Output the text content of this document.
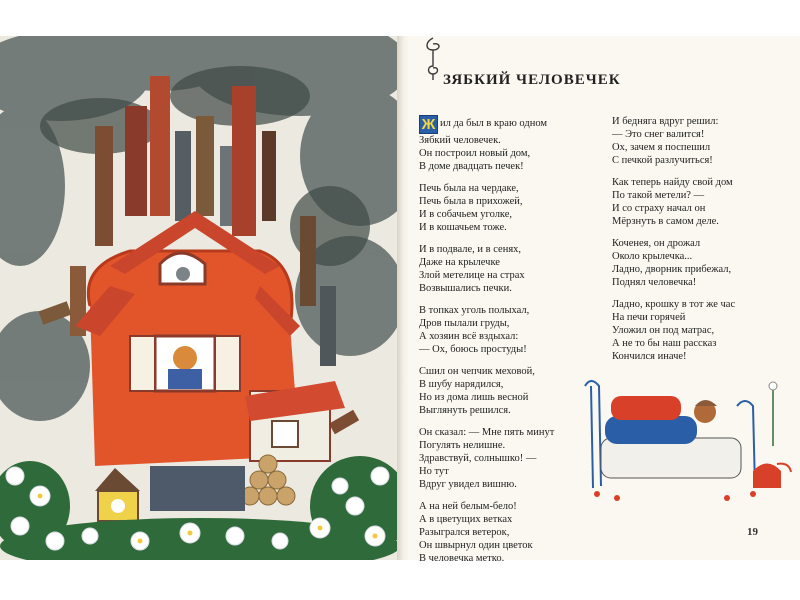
ЗЯБКИЙ ЧЕЛОВЕЧЕК
Ж ил да был в краю одном
Зябкий человечек.
Он построил новый дом,
В доме двадцать печек!
Печь была на чердаке,
Печь была в прихожей,
И в собачьем уголке,
И в кошачьем тоже.
И в подвале, и в сенях,
Даже на крылечке
Злой метелице на страх
Возвышались печки.
В топках уголь полыхал,
Дров пылали груды,
А хозяин всё вздыхал:
— Ох, боюсь простуды!
Сшил он чепчик меховой,
В шубу нарядился,
Но из дома лишь весной
Выглянуть решился.
Он сказал: — Мне пять минут
Погулять нелишне.
Здравствуй, солнышко! —
Но тут
Вдруг увидел вишню.
А на ней белым-бело!
А в цветущих ветках
Разыгрался ветерок,
Он швырнул один цветок
В человечка метко.
И бедняга вдруг решил:
— Это снег валится!
Ох, зачем я поспешил
С печкой разлучиться!
Как теперь найду свой дом
По такой метели? —
И со страху начал он
Мёрзнуть в самом деле.
Коченея, он дрожал
Около крылечка...
Ладно, дворник прибежал,
Поднял человечка!
Ладно, крошку в тот же час
На печи горячей
Уложил он под матрас,
А не то бы наш рассказ
Кончился иначе!
19
